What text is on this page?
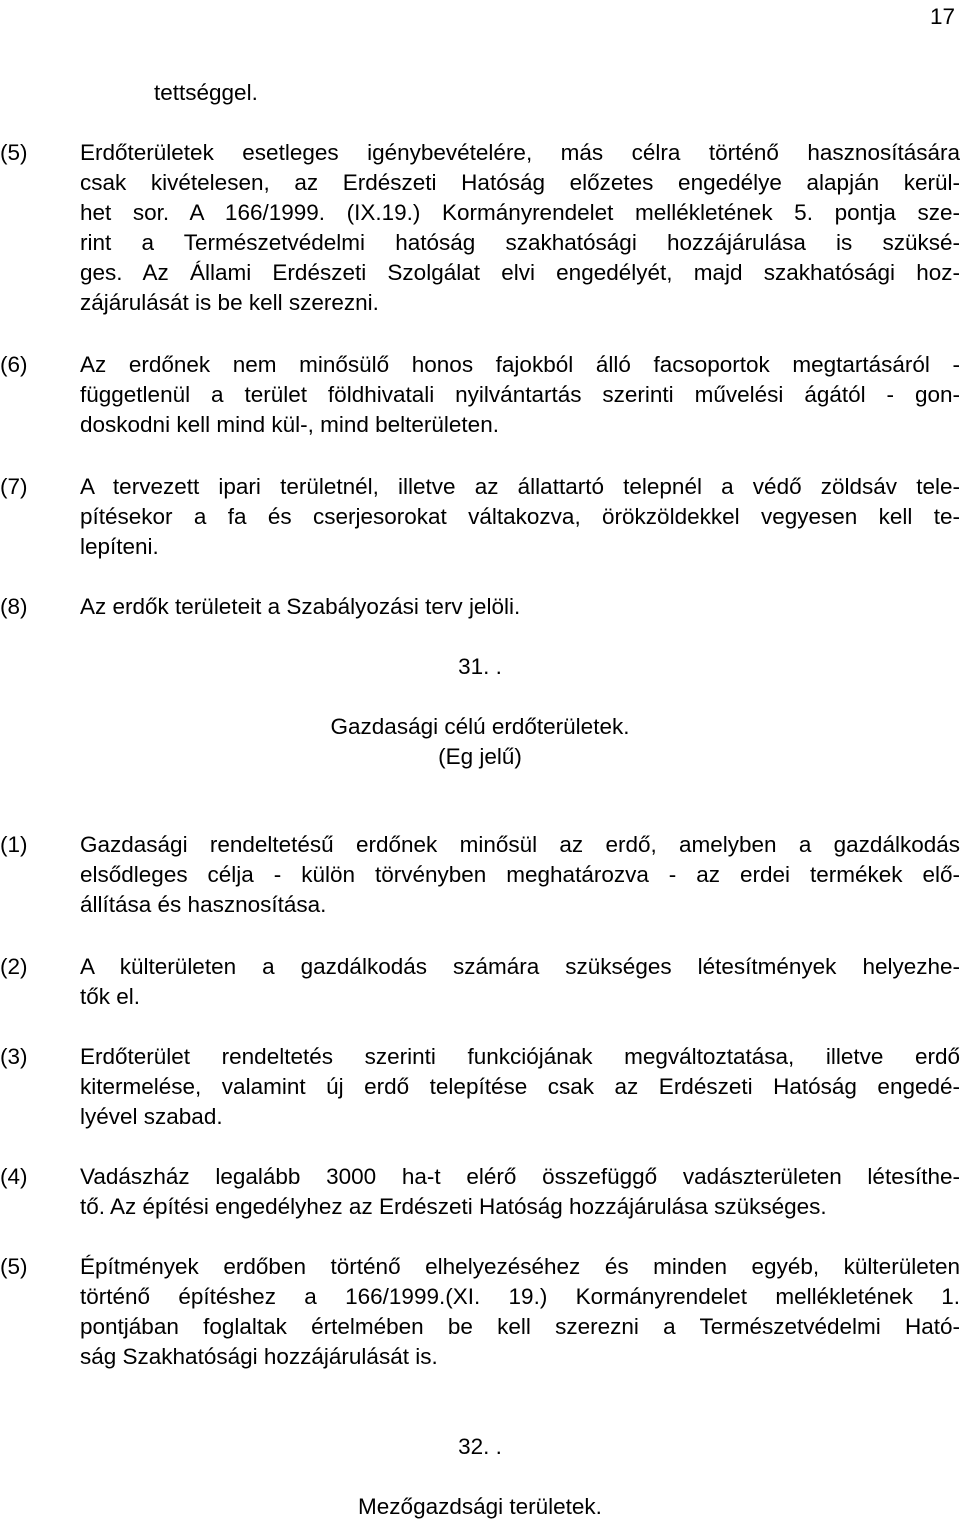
17
tettséggel.
(5) Erdőterületek esetleges igénybevételére, más célra történő hasznosítására
csak kivételesen, az Erdészeti Hatóság előzetes engedélye alapján kerül-
het sor. A 166/1999. (IX.19.) Kormányrendelet mellékletének 5. pontja sze-
rint a Természetvédelmi hatóság szakhatósági hozzájárulása is szüksé-
ges. Az Állami Erdészeti Szolgálat elvi engedélyét, majd szakhatósági hoz-
zájárulását is be kell szerezni.
(6) Az erdőnek nem minősülő honos fajokból álló facsoportok megtartásáról -
függetlenül a terület földhivatali nyilvántartás szerinti művelési ágától - gon-
doskodni kell mind kül-, mind belterületen.
(7) A tervezett ipari területnél, illetve az állattartó telepnél a védő zöldsáv tele-
pítésekor a fa és cserjesorokat váltakozva, örökzöldekkel vegyesen kell te-
lepíteni.
(8) Az erdők területeit a Szabályozási terv jelöli.
31. .
Gazdasági célú erdőterületek.
(Eg jelű)
(1) Gazdasági rendeltetésű erdőnek minősül az erdő, amelyben a gazdálkodás
elsődleges célja - külön törvényben meghatározva - az erdei termékek elő-
állítása és hasznosítása.
(2) A külterületen a gazdálkodás számára szükséges létesítmények helyezhe-
tők el.
(3) Erdőterület rendeltetés szerinti funkciójának megváltoztatása, illetve erdő
kitermelése, valamint új erdő telepítése csak az Erdészeti Hatóság engedé-
lyével szabad.
(4) Vadászház legalább 3000 ha-t elérő összefüggő vadászterületen létesíthe-
tő. Az építési engedélyhez az Erdészeti Hatóság hozzájárulása szükséges.
(5) Építmények erdőben történő elhelyezéséhez és minden egyéb, külterületen
történő építéshez a 166/1999.(XI. 19.) Kormányrendelet mellékletének 1.
pontjában foglaltak értelmében be kell szerezni a Természetvédelmi Ható-
ság Szakhatósági hozzájárulását is.
32. .
Mezőgazdsági területek.
